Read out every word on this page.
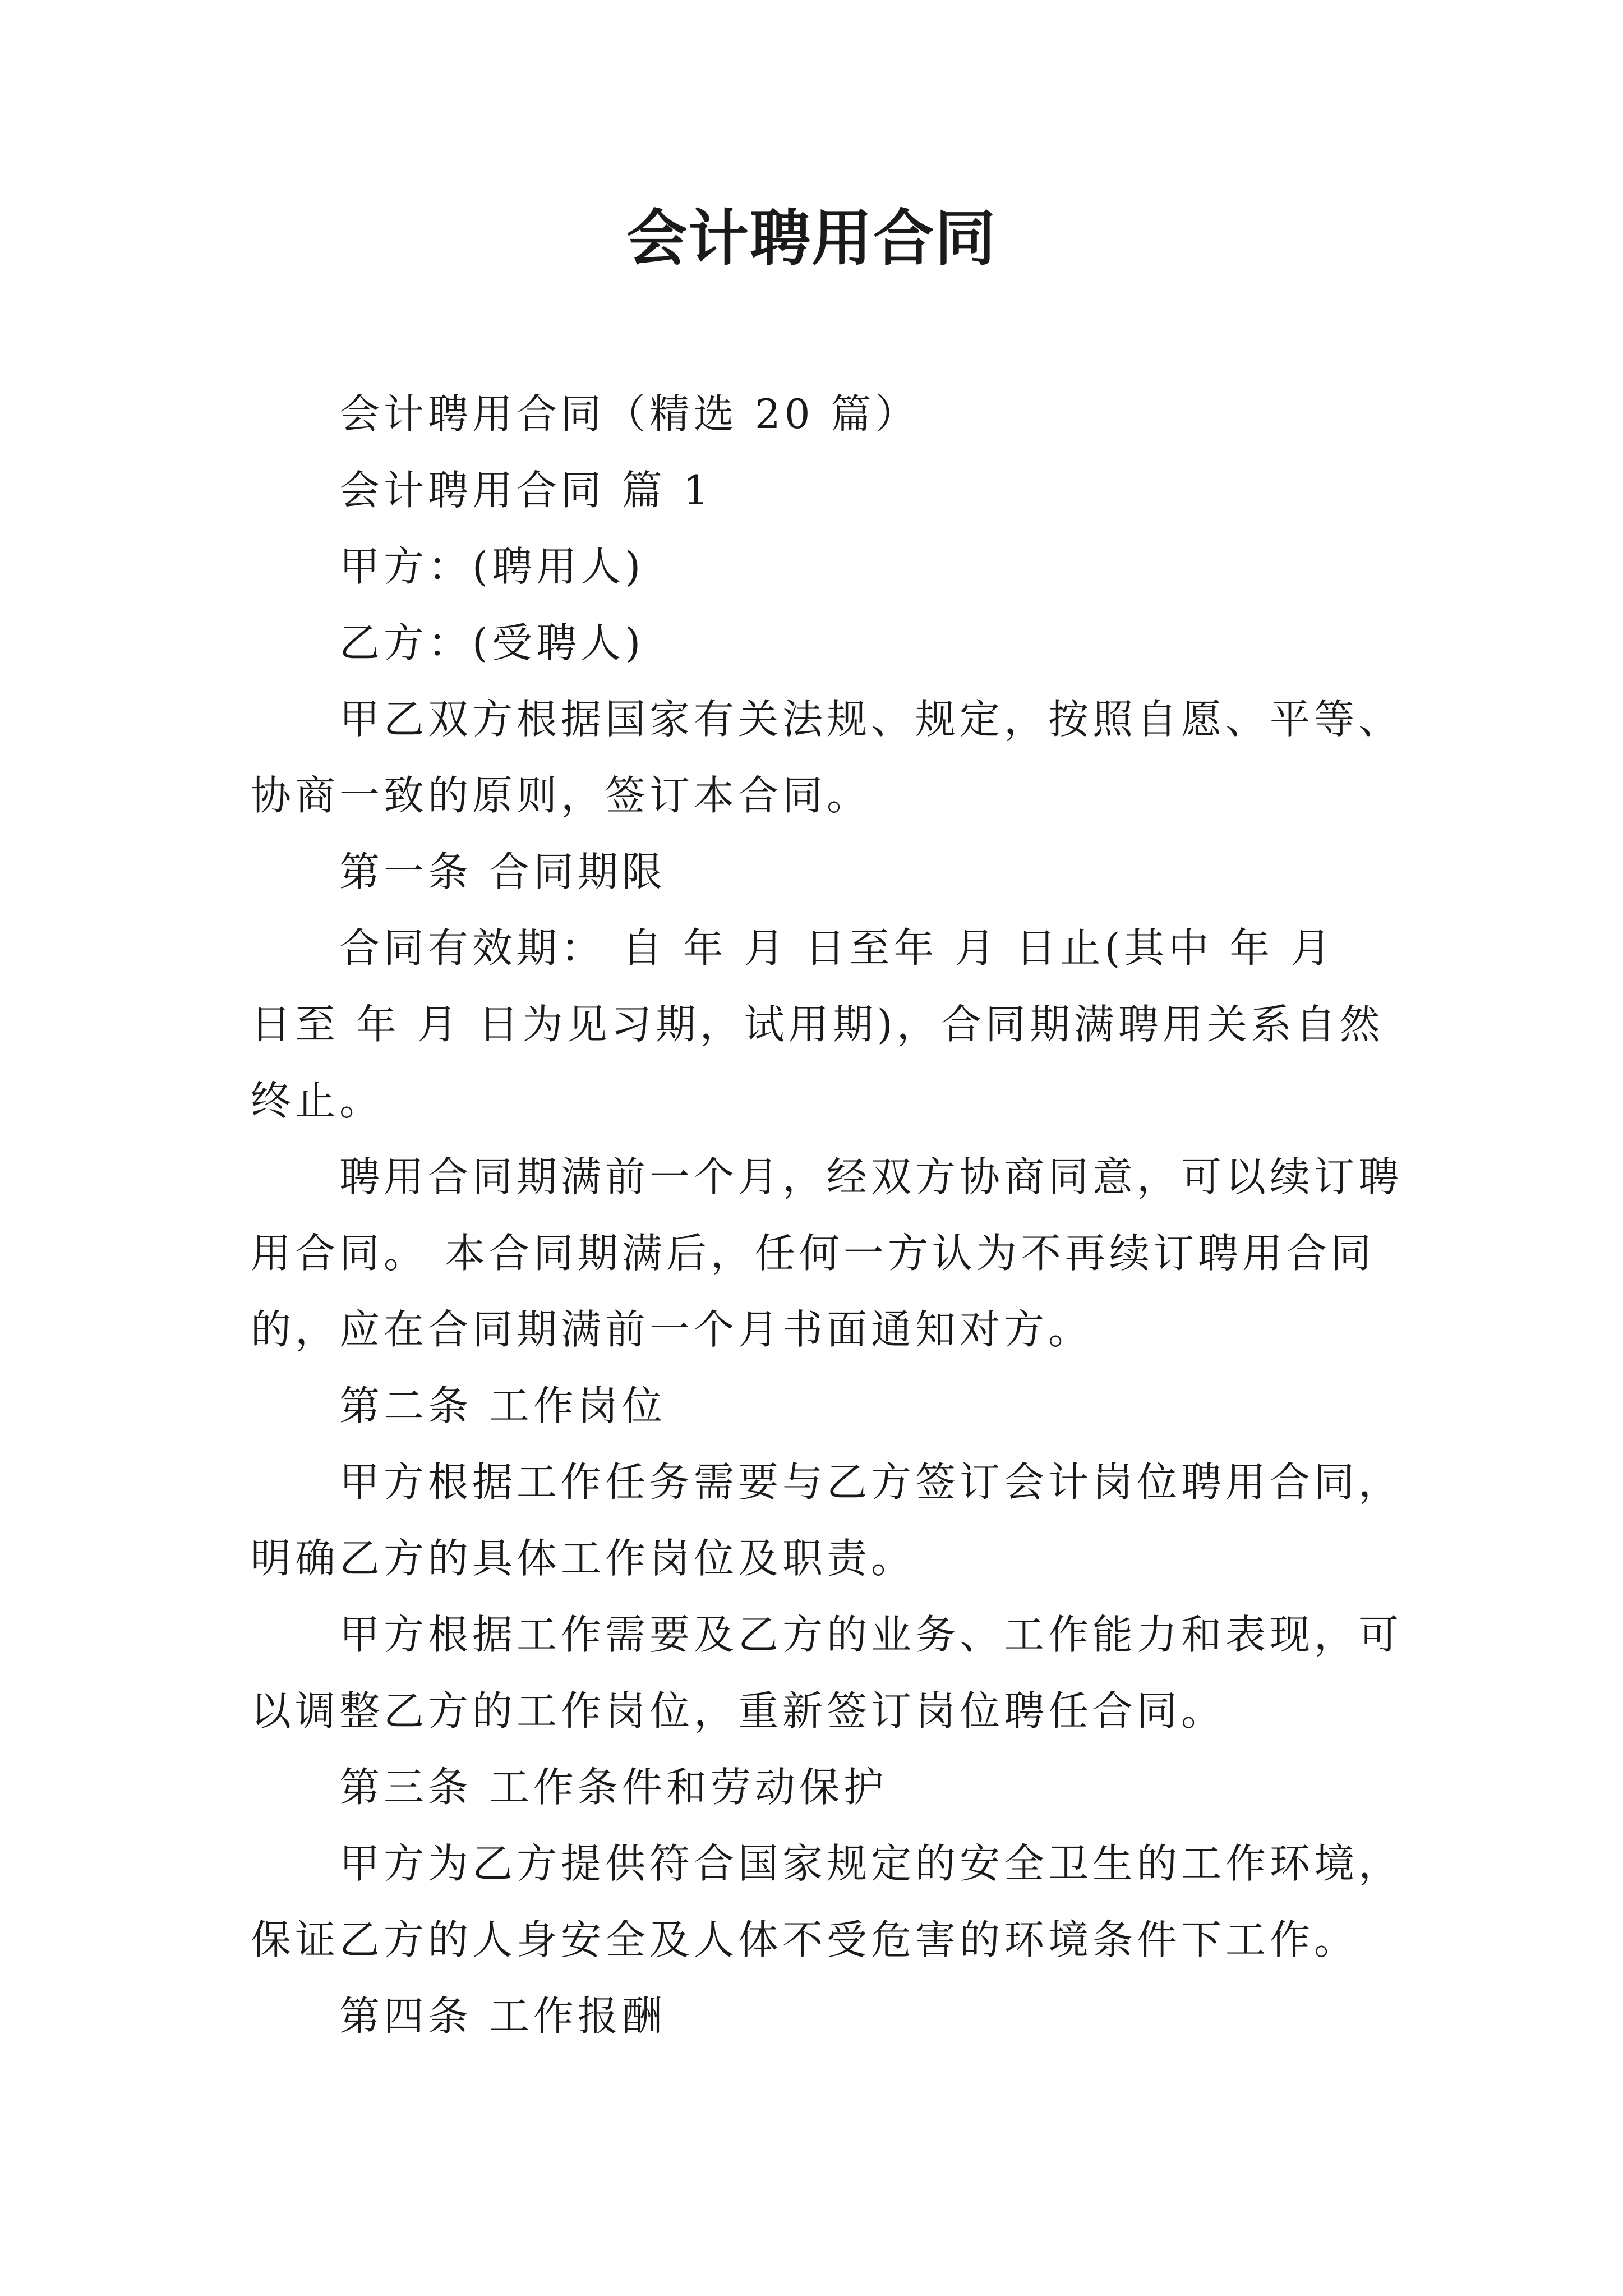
会计聘用合同

会计聘用合同（精选 20 篇）

会计聘用合同 篇 1

甲方：(聘用人)

乙方：(受聘人)

甲乙双方根据国家有关法规、规定，按照自愿、平等、

协商一致的原则，签订本合同。

第一条 合同期限

合同有效期： 自 年 月 日至年 月 日止(其中 年 月

日至 年 月 日为见习期，试用期)，合同期满聘用关系自然

终止。

聘用合同期满前一个月，经双方协商同意，可以续订聘

用合同。 本合同期满后，任何一方认为不再续订聘用合同

的，应在合同期满前一个月书面通知对方。

第二条 工作岗位

甲方根据工作任务需要与乙方签订会计岗位聘用合同，

明确乙方的具体工作岗位及职责。

甲方根据工作需要及乙方的业务、工作能力和表现，可

以调整乙方的工作岗位，重新签订岗位聘任合同。

第三条 工作条件和劳动保护

甲方为乙方提供符合国家规定的安全卫生的工作环境，

保证乙方的人身安全及人体不受危害的环境条件下工作。

第四条 工作报酬
